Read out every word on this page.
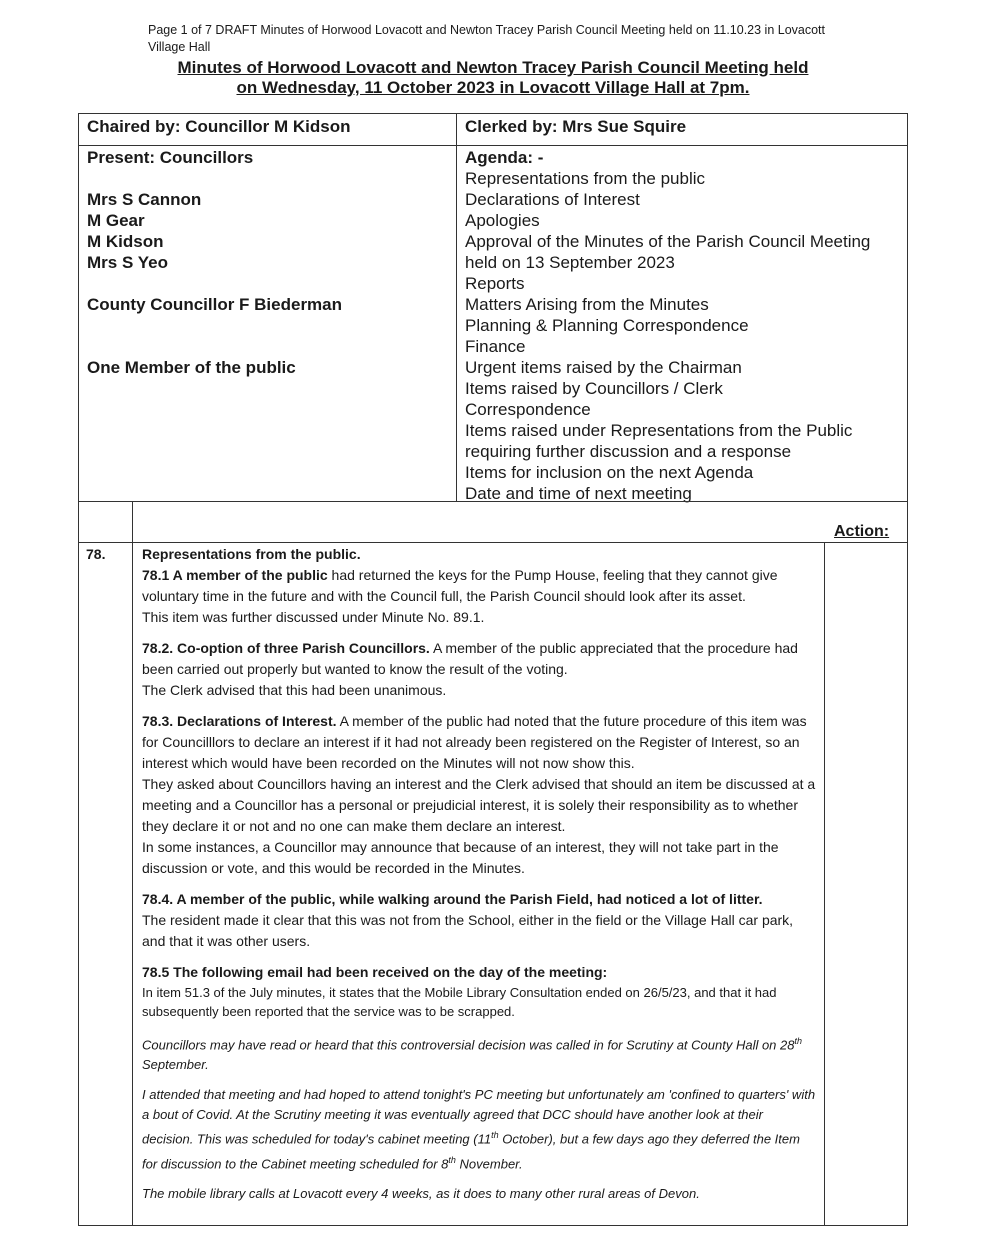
Page 1 of 7 DRAFT Minutes of Horwood Lovacott and Newton Tracey Parish Council Meeting held on 11.10.23 in Lovacott
Village Hall
Minutes of Horwood Lovacott and Newton Tracey Parish Council Meeting held
on Wednesday, 11 October 2023 in Lovacott Village Hall at 7pm.
Chaired by: Councillor M Kidson	Clerked by: Mrs Sue Squire
Present: Councillors
Mrs S Cannon
M Gear
M Kidson
Mrs S Yeo
County Councillor F Biederman
One Member of the public
Agenda: -
Representations from the public
Declarations of Interest
Apologies
Approval of the Minutes of the Parish Council Meeting
held on 13 September 2023
Reports
Matters Arising from the Minutes
Planning & Planning Correspondence
Finance
Urgent items raised by the Chairman
Items raised by Councillors / Clerk
Correspondence
Items raised under Representations from the Public
requiring further discussion and a response
Items for inclusion on the next Agenda
Date and time of next meeting
Action:
78.	Representations from the public.
78.1 A member of the public had returned the keys for the Pump House, feeling that they cannot give voluntary time in the future and with the Council full, the Parish Council should look after its asset.
This item was further discussed under Minute No. 89.1.
78.2. Co-option of three Parish Councillors. A member of the public appreciated that the procedure had been carried out properly but wanted to know the result of the voting.
The Clerk advised that this had been unanimous.
78.3. Declarations of Interest. A member of the public had noted that the future procedure of this item was for Councilllors to declare an interest if it had not already been registered on the Register of Interest, so an interest which would have been recorded on the Minutes will not now show this.
They asked about Councillors having an interest and the Clerk advised that should an item be discussed at a meeting and a Councillor has a personal or prejudicial interest, it is solely their responsibility as to whether they declare it or not and no one can make them declare an interest.
In some instances, a Councillor may announce that because of an interest, they will not take part in the discussion or vote, and this would be recorded in the Minutes.
78.4. A member of the public, while walking around the Parish Field, had noticed a lot of litter.
The resident made it clear that this was not from the School, either in the field or the Village Hall car park, and that it was other users.
78.5 The following email had been received on the day of the meeting:
In item 51.3 of the July minutes, it states that the Mobile Library Consultation ended on 26/5/23, and that it had subsequently been reported that the service was to be scrapped.
Councillors may have read or heard that this controversial decision was called in for Scrutiny at County Hall on 28th September.
I attended that meeting and had hoped to attend tonight's PC meeting but unfortunately am 'confined to quarters' with a bout of Covid. At the Scrutiny meeting it was eventually agreed that DCC should have another look at their decision. This was scheduled for today's cabinet meeting (11th October), but a few days ago they deferred the Item for discussion to the Cabinet meeting scheduled for 8th November.
The mobile library calls at Lovacott every 4 weeks, as it does to many other rural areas of Devon.
